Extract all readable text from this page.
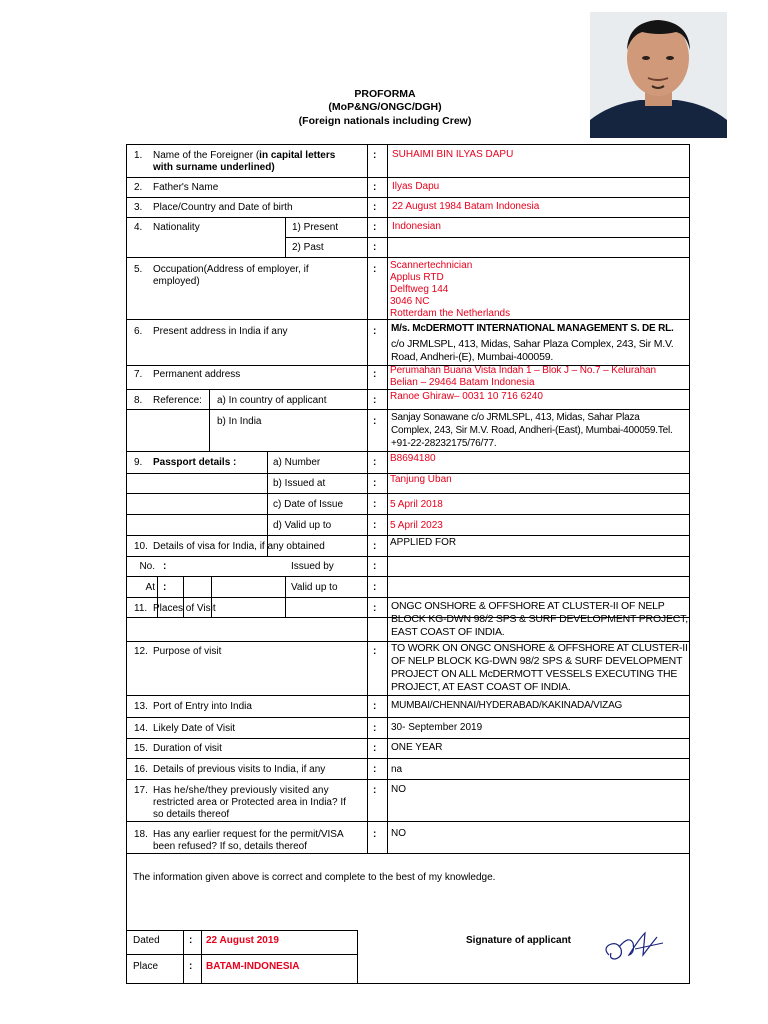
PROFORMA
(MoP&NG/ONGC/DGH)
(Foreign nationals including Crew)
1. Name of the Foreigner (in capital letters
with surname underlined)
: SUHAIMI BIN ILYAS DAPU
2. Father's Name	: Ilyas Dapu
3. Place/Country and Date of birth	: 22 August 1984 Batam Indonesia
4. Nationality	1) Present	: Indonesian
2) Past	:
5. Occupation(Address of employer, if
employed)
: Scannertechnician
Applus RTD
Delftweg 144
3046 NC
Rotterdam the Netherlands
6. Present address in India if any	: M/s. McDERMOTT INTERNATIONAL MANAGEMENT S. DE RL.
c/o JRMLSPL, 413, Midas, Sahar Plaza Complex, 243, Sir M.V.
Road, Andheri-(E), Mumbai-400059.
7. Permanent address	: Perumahan Buana Vista Indah 1 – Blok J – No.7 – Kelurahan
Belian – 29464 Batam Indonesia
8. Reference: a) In country of applicant	: Ranoe Ghiraw– 0031 10 716 6240
b) In India	: Sanjay Sonawane c/o JRMLSPL, 413, Midas, Sahar Plaza
Complex, 243, Sir M.V. Road, Andheri-(East), Mumbai-400059.Tel.
+91-22-28232175/76/77.
9. Passport details :	a) Number	: B8694180
b) Issued at	: Tanjung Uban
c) Date of Issue	: 5 April 2018
d) Valid up to	: 5 April 2023
10. Details of visa for India, if any obtained	: APPLIED FOR
No. :	Issued by	:
At :	Valid up to	:
11. Places of Visit	: ONGC ONSHORE & OFFSHORE AT CLUSTER-II OF NELP
BLOCK KG-DWN 98/2 SPS & SURF DEVELOPMENT PROJECT,
EAST COAST OF INDIA.
12. Purpose of visit	: TO WORK ON ONGC ONSHORE & OFFSHORE AT CLUSTER-II
OF NELP BLOCK KG-DWN 98/2 SPS & SURF DEVELOPMENT
PROJECT ON ALL McDERMOTT VESSELS EXECUTING THE
PROJECT, AT EAST COAST OF INDIA.
13. Port of Entry into India	: MUMBAI/CHENNAI/HYDERABAD/KAKINADA/VIZAG
14. Likely Date of Visit	: 30- September 2019
15. Duration of visit	: ONE YEAR
16. Details of previous visits to India, if any	: na
17. Has he/she/they previously visited any
restricted area or Protected area in India? If
so details thereof
: NO
18. Has any earlier request for the permit/VISA
been refused? If so, details thereof
: NO
The information given above is correct and complete to the best of my knowledge.
Dated	: 22 August 2019	Signature of applicant
Place	: BATAM-INDONESIA
